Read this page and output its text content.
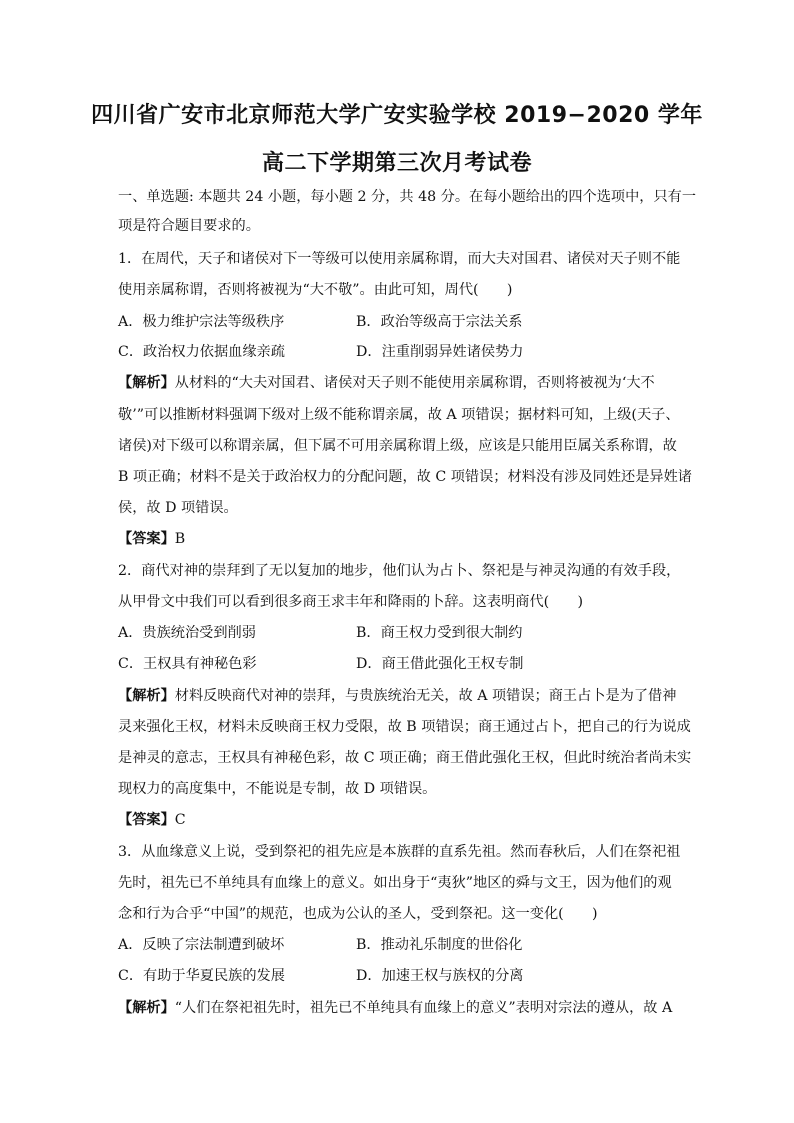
四川省广安市北京师范大学广安实验学校 2019−2020 学年
高二下学期第三次月考试卷
一、单选题: 本题共 24 小题，每小题 2 分，共 48 分。在每小题给出的四个选项中，只有一
项是符合题目要求的。
1．在周代，天子和诸侯对下一等级可以使用亲属称谓，而大夫对国君、诸侯对天子则不能
使用亲属称谓，否则将被视为“大不敬”。由此可知，周代(　　)
A．极力维护宗法等级秩序	B．政治等级高于宗法关系
C．政治权力依据血缘亲疏	D．注重削弱异姓诸侯势力
【解析】从材料的“大夫对国君、诸侯对天子则不能使用亲属称谓，否则将被视为‘大不
敬’”可以推断材料强调下级对上级不能称谓亲属，故 A 项错误；据材料可知，上级(天子、
诸侯)对下级可以称谓亲属，但下属不可用亲属称谓上级，应该是只能用臣属关系称谓，故
B 项正确；材料不是关于政治权力的分配问题，故 C 项错误；材料没有涉及同姓还是异姓诸
侯，故 D 项错误。
【答案】B
2．商代对神的崇拜到了无以复加的地步，他们认为占卜、祭祀是与神灵沟通的有效手段，
从甲骨文中我们可以看到很多商王求丰年和降雨的卜辞。这表明商代(　　)
A．贵族统治受到削弱	B．商王权力受到很大制约
C．王权具有神秘色彩	D．商王借此强化王权专制
【解析】材料反映商代对神的崇拜，与贵族统治无关，故 A 项错误；商王占卜是为了借神
灵来强化王权，材料未反映商王权力受限，故 B 项错误；商王通过占卜，把自己的行为说成
是神灵的意志，王权具有神秘色彩，故 C 项正确；商王借此强化王权，但此时统治者尚未实
现权力的高度集中，不能说是专制，故 D 项错误。
【答案】C
3．从血缘意义上说，受到祭祀的祖先应是本族群的直系先祖。然而春秋后，人们在祭祀祖
先时，祖先已不单纯具有血缘上的意义。如出身于“夷狄”地区的舜与文王，因为他们的观
念和行为合乎“中国”的规范，也成为公认的圣人，受到祭祀。这一变化(　　)
A．反映了宗法制遭到破坏	B．推动礼乐制度的世俗化
C．有助于华夏民族的发展	D．加速王权与族权的分离
【解析】“人们在祭祀祖先时，祖先已不单纯具有血缘上的意义”表明对宗法的遵从，故 A
